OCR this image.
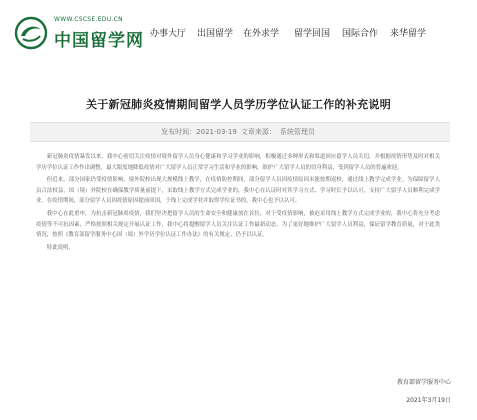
WWW.CSCSE.EDU.CN
中国留学网 办事大厅 出国留学 在外求学 留学回国 国际合作 来华留学
关于新冠肺炎疫情期间留学人员学历学位认证工作的补充说明
发布时间：2021-03-19 文章来源： 系统管理员

新冠肺炎疫情暴发以来，我中心密切关注疫情对境外留学人员身心健康和学习学业的影响，积极通过多种形式和渠道回应留学人员关切，并根据疫情形势及时对相关学历学位认证工作作出调整，最大限度地降低疫情对广大留学人员正常学习生活和学业的影响，维护广大留学人员的切身利益，受到留学人员的普遍欢迎。

但近来，部分国家仍受疫情影响，境外院校出现大规模线上教学，在疫情防控期间，部分留学人员因疫情原因未能按期返校，通过线上教学完成学业。为保障留学人员合法权益，国（境）外院校在确保教学质量前提下，采取线上教学方式完成学业的，我中心在认证时对其学习方式、学习时长予以认可，支持广大留学人员顺利完成学业，在疫情期间，部分留学人员因疫情原因提前回国，于线上完成学业并取得学位证书的，我中心也予以认可。

我中心在此重申，为抗击新冠肺炎疫情，我们坚决把留学人员的生命安全和健康放在首位，对于受疫情影响，被迫采用线上教学方式完成学业的，我中心将充分考虑疫情等不可抗因素，严格按照相关规定开展认证工作，我中心将提醒留学人员关注认证工作最新动态，为了更好地维护广大留学人员利益，保证留学教育质量，对于此类情况，按照《教育部留学服务中心国（境）外学历学位认证工作办法》的有关规定，仍予以认证。

特此说明。

教育部留学服务中心
2021年3月19日
